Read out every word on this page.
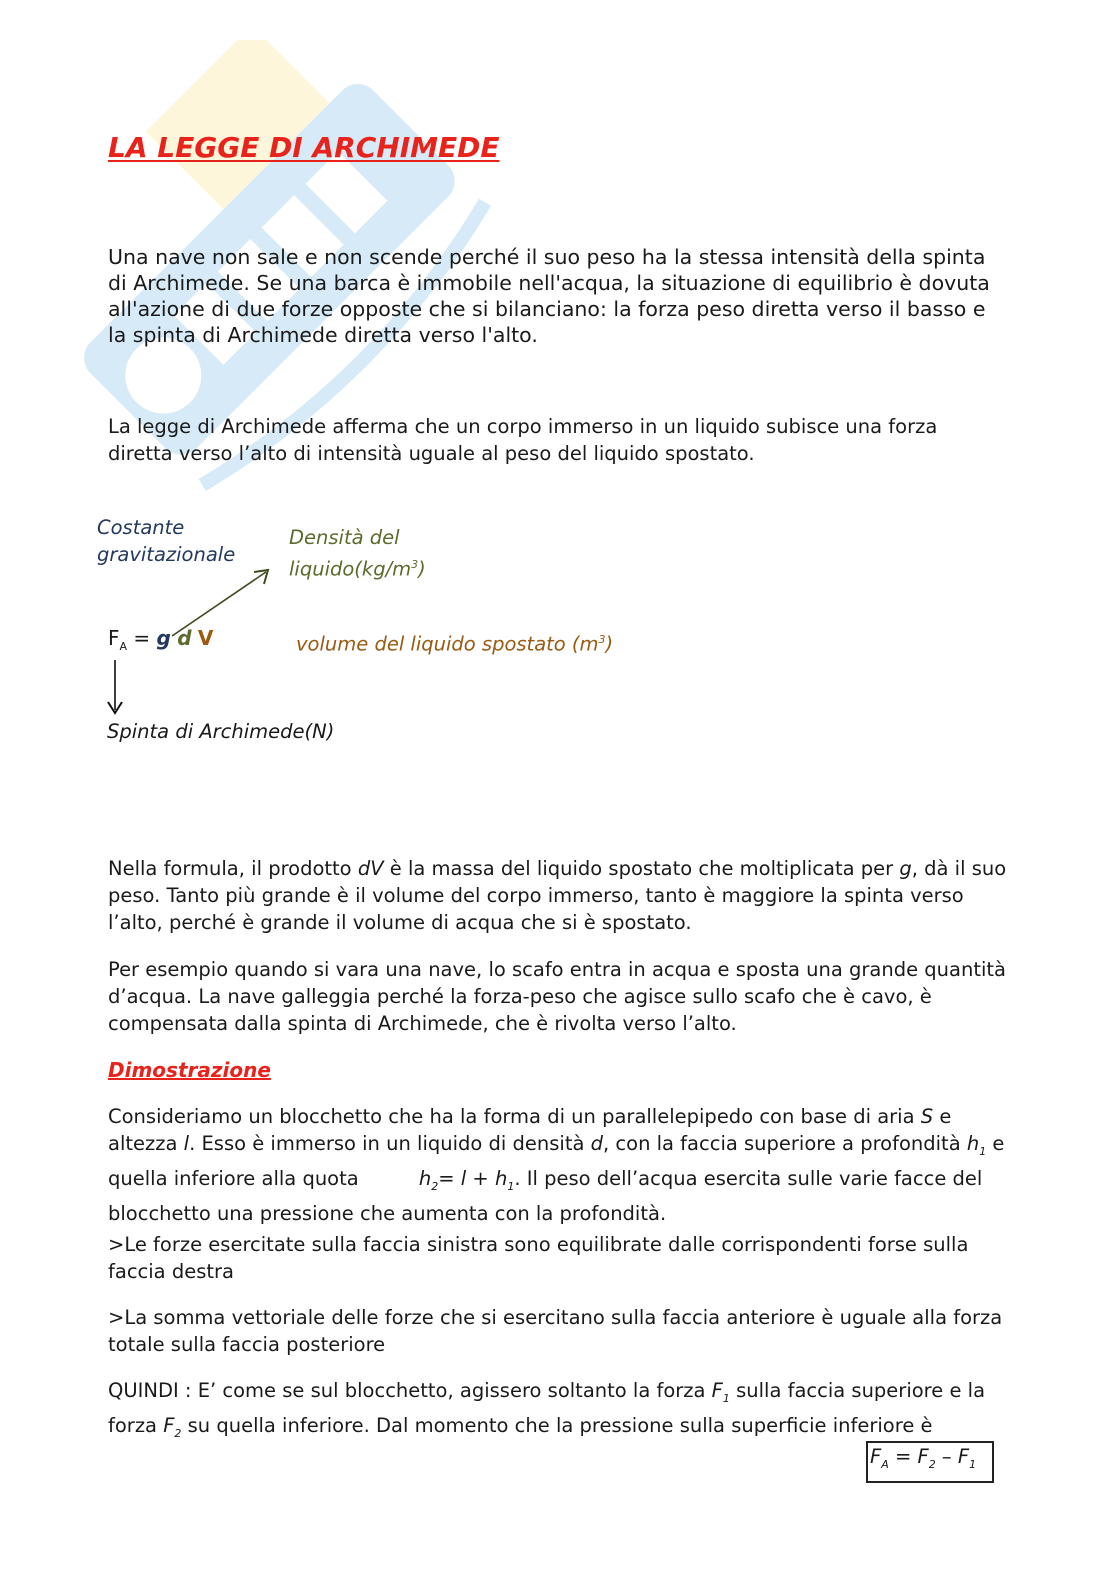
LA LEGGE DI ARCHIMEDE

Una nave non sale e non scende perché il suo peso ha la stessa intensità della spinta di Archimede. Se una barca è immobile nell'acqua, la situazione di equilibrio è dovuta all'azione di due forze opposte che si bilanciano: la forza peso diretta verso il basso e la spinta di Archimede diretta verso l'alto.

La legge di Archimede afferma che un corpo immerso in un liquido subisce una forza diretta verso l’alto di intensità uguale al peso del liquido spostato.

Costante
gravitazionale
Densità del
$liquido(kg/m^3)$
$F_A = g$ d V	volume del liquido spostato $(m^3)$
Spinta di Archimede(N)

Nella formula, il prodotto dV è la massa del liquido spostato che moltiplicata per g, dà il suo peso. Tanto più grande è il volume del corpo immerso, tanto è maggiore la spinta verso l’alto, perché è grande il volume di acqua che si è spostato.

Per esempio quando si vara una nave, lo scafo entra in acqua e sposta una grande quantità d’acqua. La nave galleggia perché la forza-peso che agisce sullo scafo che è cavo, è compensata dalla spinta di Archimede, che è rivolta verso l’alto.

Dimostrazione

Consideriamo un blocchetto che ha la forma di un parallelepipedo con base di aria S e altezza l. Esso è immerso in un liquido di densità d, con la faccia superiore a profondità $h_1$ e quella inferiore alla quota	$h_2= l + h_1$. Il peso dell’acqua esercita sulle varie facce del blocchetto una pressione che aumenta con la profondità.

>Le forze esercitate sulla faccia sinistra sono equilibrate dalle corrispondenti forse sulla faccia destra

>La somma vettoriale delle forze che si esercitano sulla faccia anteriore è uguale alla forza totale sulla faccia posteriore

QUINDI : E’ come se sul blocchetto, agissero soltanto la forza $F_1$ sulla faccia superiore e la forza $F_2$ su quella inferiore. Dal momento che la pressione sulla superficie inferiore è

$F_A = F_2 - F_1$
